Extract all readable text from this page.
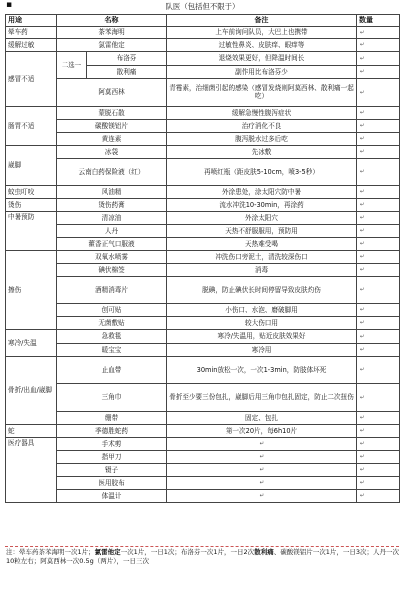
▪	队医（包括但不限于）
用途	名称		备注	数量
晕车药	茶苯海明		上车前询问队员，大巴上也携带	↵
缓解过敏	氯雷他定		过敏性鼻炎、皮肤痒、眼痒等	↵
感冒不适	二选一	布洛芬	退烧效果更好，但降温时间长	↵
		散利痛	副作用比布洛芬少	↵
	阿莫西林		青霉素，治细菌引起的感染（感冒发烧则阿莫西林、散利痛一起吃）	↵
肠胃不适	蒙脱石散		缓解急慢性腹泻症状	↵
	碳酸镁铝片		治疗消化不良	↵
	黄连素		腹泻脱水过多后吃	↵
崴脚	冰袋		先冰敷	↵
	云南白药保险液（红）		再喷红瓶（距皮肤5-10cm，喷3-5秒）	↵
蚊虫叮咬	风油精		外涂患处，涂太阳穴防中暑	↵
烫伤	烫伤药膏		流水冲洗10-30min，再涂药	↵
中暑预防	清凉油		外涂太阳穴	↵
	人丹		天热不舒服服用，预防用	↵
	藿香正气口服液		天热难受喝	↵
擦伤	双氧水喷雾		冲洗伤口旁泥土，清洗较深伤口	↵
	碘伏棉签		消毒	↵
	酒精消毒片		脱碘，防止碘伏长时间停留导致皮肤灼伤	↵
	创可贴		小伤口、水泡、磨破脚用	↵
	无菌敷贴		较大伤口用	↵
寒冷/失温	急救毯		寒冷/失温用，贴近皮肤效果好	↵
	暖宝宝		寒冷用	↵
骨折/出血/崴脚	止血带		30min放松一次，一次1-3min，防肢体坏死	↵
	三角巾		骨折至少要三份包扎，崴脚后用三角巾包扎固定，防止二次扭伤	↵
	绷带		固定、包扎	↵
蛇	季德胜蛇药		第一次20片，每6h10片	↵
医疗器具	手术剪		↵	↵
	指甲刀		↵	↵
	镊子		↵	↵
	医用胶布		↵	↵
	体温计		↵	↵
注：晕车药茶苯海明一次1片；氯雷他定一次1片，一日1次；布洛芬一次1片，一日2次散利痛、碳酸镁铝片一次1片，一日3次；人丹一次10粒左右；阿莫西林一次0.5g（两片），一日三次
